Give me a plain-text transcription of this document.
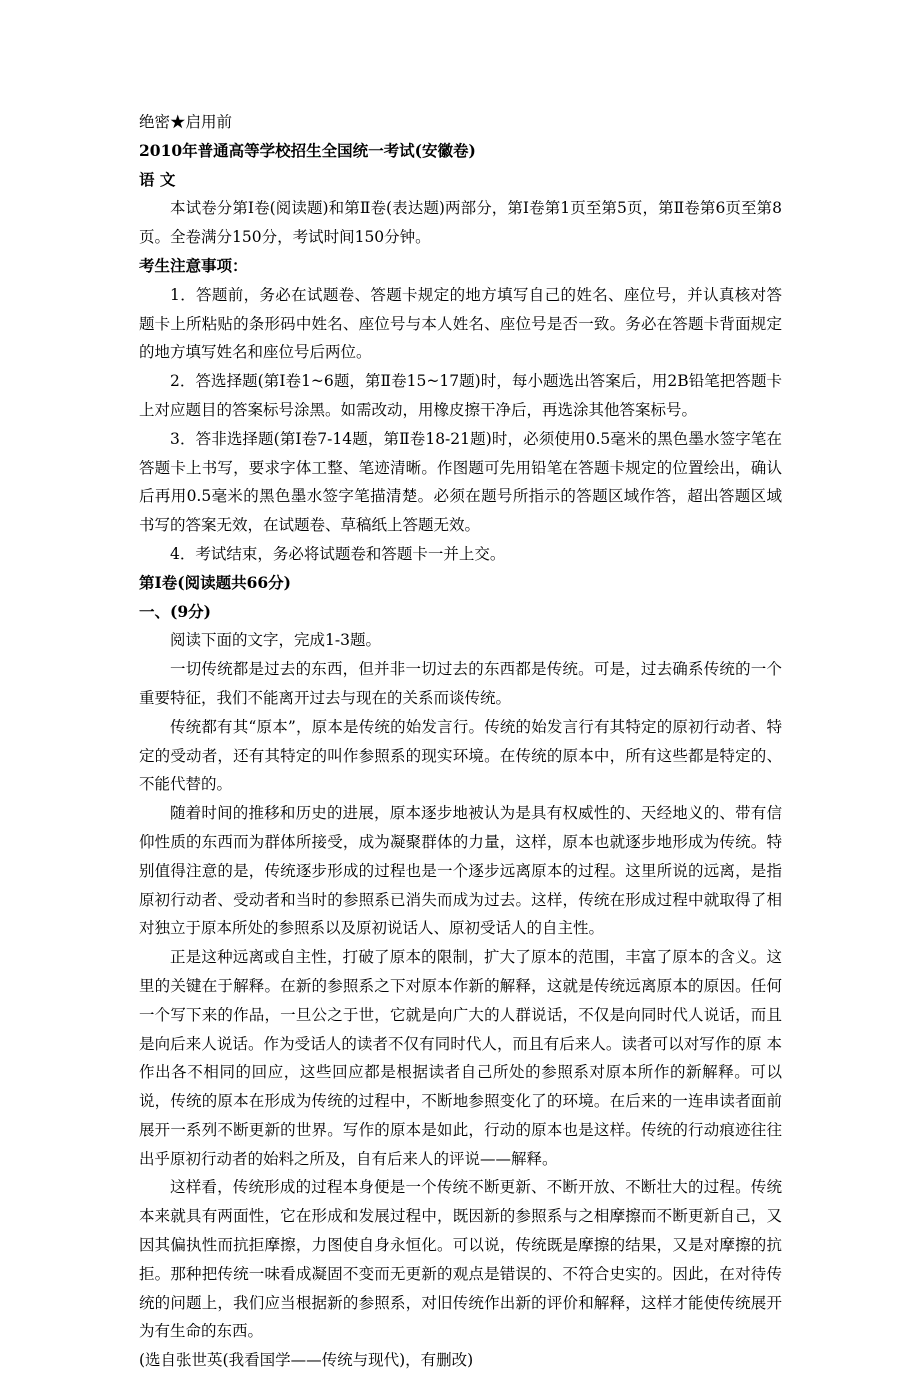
绝密★启用前

2010年普通高等学校招生全国统一考试(安徽卷)

语 文

本试卷分第Ⅰ卷(阅读题)和第Ⅱ卷(表达题)两部分，第Ⅰ卷第1页至第5页，第Ⅱ卷第6页至第8页。全卷满分150分，考试时间150分钟。

考生注意事项：

1．答题前，务必在试题卷、答题卡规定的地方填写自己的姓名、座位号，并认真核对答题卡上所粘贴的条形码中姓名、座位号与本人姓名、座位号是否一致。务必在答题卡背面规定的地方填写姓名和座位号后两位。

2．答选择题(第Ⅰ卷1~6题，第Ⅱ卷15~17题)时，每小题选出答案后，用2B铅笔把答题卡上对应题目的答案标号涂黑。如需改动，用橡皮擦干净后，再选涂其他答案标号。

3．答非选择题(第Ⅰ卷7-14题，第Ⅱ卷18-21题)时，必须使用0.5毫米的黑色墨水签字笔在答题卡上书写，要求字体工整、笔迹清晰。作图题可先用铅笔在答题卡规定的位置绘出，确认后再用0.5毫米的黑色墨水签字笔描清楚。必须在题号所指示的答题区域作答，超出答题区域书写的答案无效，在试题卷、草稿纸上答题无效。

4．考试结束，务必将试题卷和答题卡一并上交。

第Ⅰ卷(阅读题共66分)

一、(9分)

阅读下面的文字，完成1-3题。

一切传统都是过去的东西，但并非一切过去的东西都是传统。可是，过去确系传统的一个重要特征，我们不能离开过去与现在的关系而谈传统。

传统都有其“原本”，原本是传统的始发言行。传统的始发言行有其特定的原初行动者、特定的受动者，还有其特定的叫作参照系的现实环境。在传统的原本中，所有这些都是特定的、不能代替的。

随着时间的推移和历史的进展，原本逐步地被认为是具有权威性的、天经地义的、带有信仰性质的东西而为群体所接受，成为凝聚群体的力量，这样，原本也就逐步地形成为传统。特别值得注意的是，传统逐步形成的过程也是一个逐步远离原本的过程。这里所说的远离，是指原初行动者、受动者和当时的参照系已消失而成为过去。这样，传统在形成过程中就取得了相对独立于原本所处的参照系以及原初说话人、原初受话人的自主性。

正是这种远离或自主性，打破了原本的限制，扩大了原本的范围，丰富了原本的含义。这里的关键在于解释。在新的参照系之下对原本作新的解释，这就是传统远离原本的原因。任何一个写下来的作品，一旦公之于世，它就是向广大的人群说话，不仅是向同时代人说话，而且是向后来人说话。作为受话人的读者不仅有同时代人，而且有后来人。读者可以对写作的原 本作出各不相同的回应，这些回应都是根据读者自己所处的参照系对原本所作的新解释。可以说，传统的原本在形成为传统的过程中，不断地参照变化了的环境。在后来的一连串读者面前展开一系列不断更新的世界。写作的原本是如此，行动的原本也是这样。传统的行动痕迹往往出乎原初行动者的始料之所及，自有后来人的评说——解释。

这样看，传统形成的过程本身便是一个传统不断更新、不断开放、不断壮大的过程。传统本来就具有两面性，它在形成和发展过程中，既因新的参照系与之相摩擦而不断更新自己，又因其偏执性而抗拒摩擦，力图使自身永恒化。可以说，传统既是摩擦的结果，又是对摩擦的抗拒。那种把传统一味看成凝固不变而无更新的观点是错误的、不符合史实的。因此，在对待传统的问题上，我们应当根据新的参照系，对旧传统作出新的评价和解释，这样才能使传统展开为有生命的东西。

(选自张世英(我看国学——传统与现代)，有删改)
